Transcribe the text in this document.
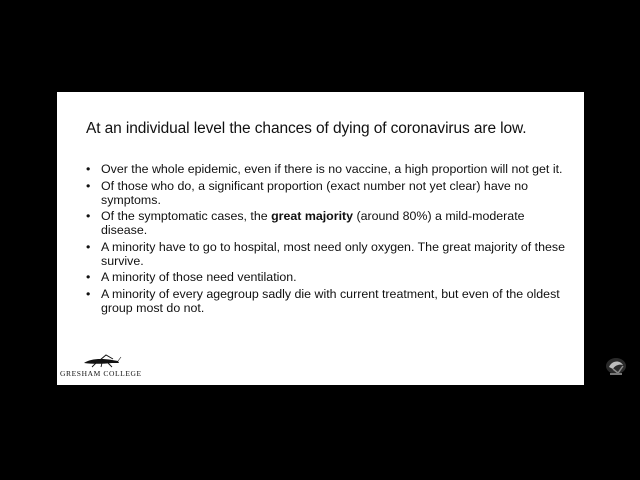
At an individual level the chances of dying of coronavirus are low.
• Over the whole epidemic, even if there is no vaccine, a high proportion will not get it.
• Of those who do, a significant proportion (exact number not yet clear) have no symptoms.
• Of the symptomatic cases, the great majority (around 80%) a mild-moderate disease.
• A minority have to go to hospital, most need only oxygen. The great majority of these survive.
• A minority of those need ventilation.
• A minority of every agegroup sadly die with current treatment, but even of the oldest group most do not.
GRESHAM COLLEGE
